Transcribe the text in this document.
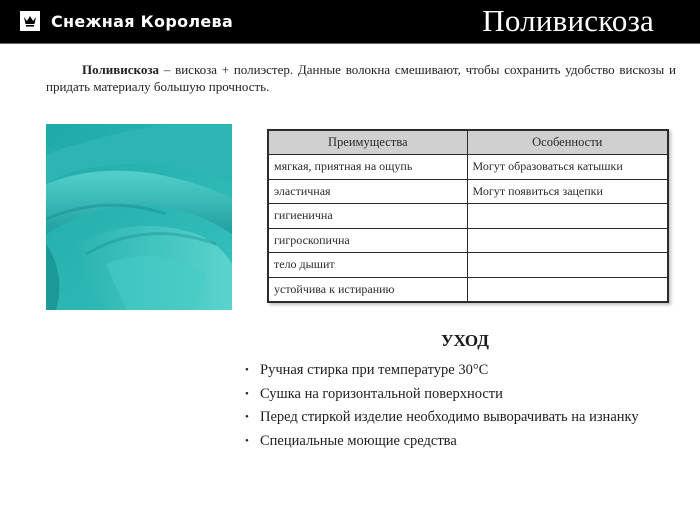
Снежная Королева	Поливискоза

Поливискоза – вискоза + полиэстер. Данные волокна смешивают, чтобы сохранить удобство вискозы и придать материалу большую прочность.

Преимущества	Особенности
мягкая, приятная на ощупь	Могут образоваться катышки
эластичная	Могут появиться зацепки
гигиенична	
гигроскопична	
тело дышит	
устойчива к истиранию	
УХОД
• Ручная стирка при температуре 30°C
• Сушка на горизонтальной поверхности
• Перед стиркой изделие необходимо выворачивать на изнанку
• Специальные моющие средства
